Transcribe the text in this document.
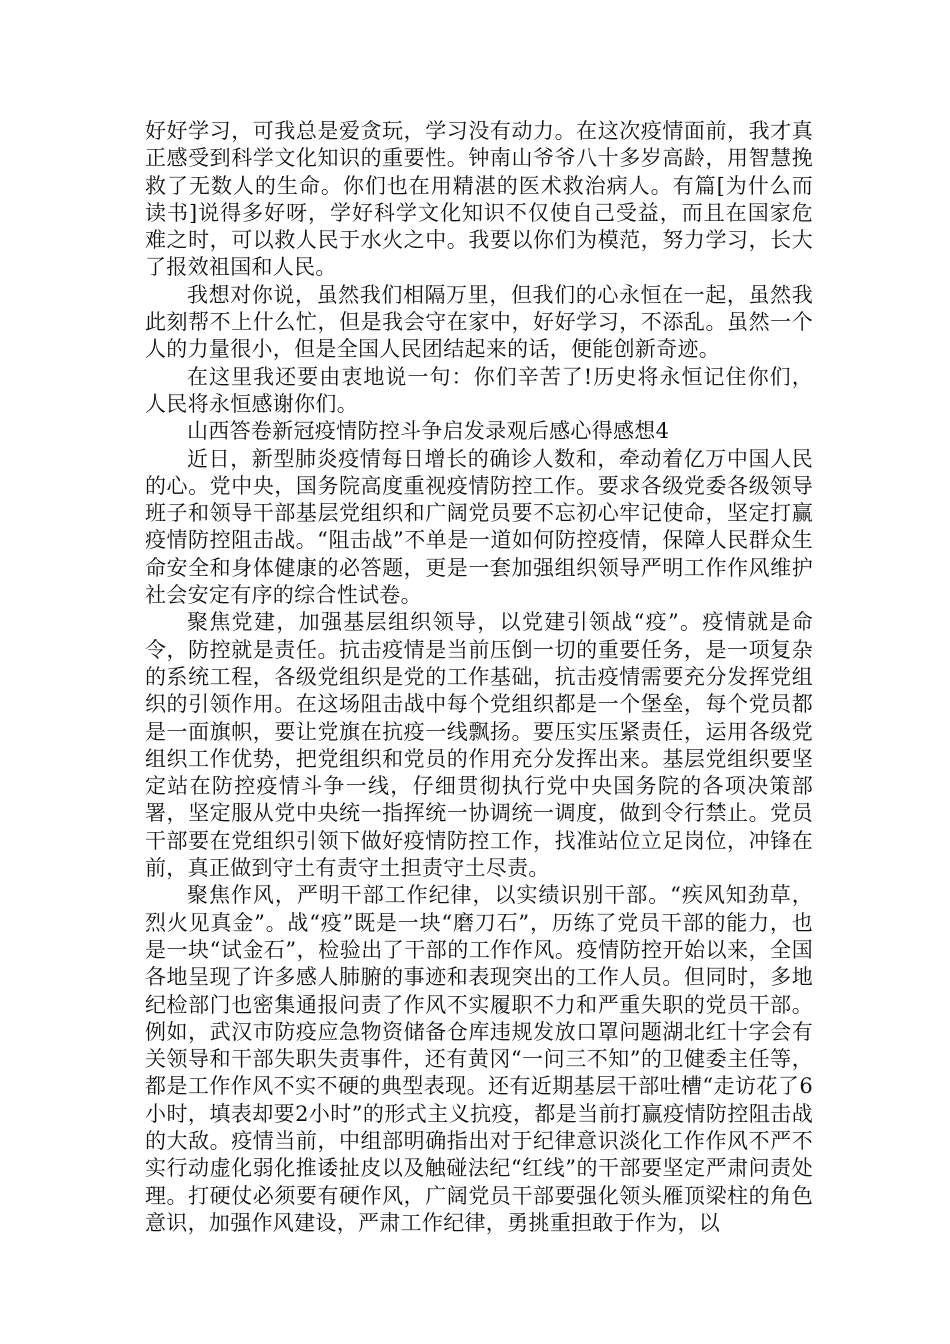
好好学习，可我总是爱贪玩，学习没有动力。在这次疫情面前，我才真正感受到科学文化知识的重要性。钟南山爷爷八十多岁高龄，用智慧挽救了无数人的生命。你们也在用精湛的医术救治病人。有篇[为什么而读书]说得多好呀，学好科学文化知识不仅使自己受益，而且在国家危难之时，可以救人民于水火之中。我要以你们为模范，努力学习，长大了报效祖国和人民。

我想对你说，虽然我们相隔万里，但我们的心永恒在一起，虽然我此刻帮不上什么忙，但是我会守在家中，好好学习，不添乱。虽然一个人的力量很小，但是全国人民团结起来的话，便能创新奇迹。

在这里我还要由衷地说一句：你们辛苦了!历史将永恒记住你们，人民将永恒感谢你们。

山西答卷新冠疫情防控斗争启发录观后感心得感想4

近日，新型肺炎疫情每日增长的确诊人数和，牵动着亿万中国人民的心。党中央，国务院高度重视疫情防控工作。要求各级党委各级领导班子和领导干部基层党组织和广阔党员要不忘初心牢记使命，坚定打赢疫情防控阻击战。“阻击战”不单是一道如何防控疫情，保障人民群众生命安全和身体健康的必答题，更是一套加强组织领导严明工作作风维护社会安定有序的综合性试卷。

聚焦党建，加强基层组织领导，以党建引领战“疫”。疫情就是命令，防控就是责任。抗击疫情是当前压倒一切的重要任务，是一项复杂的系统工程，各级党组织是党的工作基础，抗击疫情需要充分发挥党组织的引领作用。在这场阻击战中每个党组织都是一个堡垒，每个党员都是一面旗帜，要让党旗在抗疫一线飘扬。要压实压紧责任，运用各级党组织工作优势，把党组织和党员的作用充分发挥出来。基层党组织要坚定站在防控疫情斗争一线，仔细贯彻执行党中央国务院的各项决策部署，坚定服从党中央统一指挥统一协调统一调度，做到令行禁止。党员干部要在党组织引领下做好疫情防控工作，找准站位立足岗位，冲锋在前，真正做到守土有责守土担责守土尽责。

聚焦作风，严明干部工作纪律，以实绩识别干部。“疾风知劲草，烈火见真金”。战“疫”既是一块“磨刀石”，历练了党员干部的能力，也是一块“试金石”，检验出了干部的工作作风。疫情防控开始以来，全国各地呈现了许多感人肺腑的事迹和表现突出的工作人员。但同时，多地纪检部门也密集通报问责了作风不实履职不力和严重失职的党员干部。例如，武汉市防疫应急物资储备仓库违规发放口罩问题湖北红十字会有关领导和干部失职失责事件，还有黄冈“一问三不知”的卫健委主任等，都是工作作风不实不硬的典型表现。还有近期基层干部吐槽“走访花了6小时，填表却要2小时”的形式主义抗疫，都是当前打赢疫情防控阻击战的大敌。疫情当前，中组部明确指出对于纪律意识淡化工作作风不严不实行动虚化弱化推诿扯皮以及触碰法纪“红线”的干部要坚定严肃问责处理。打硬仗必须要有硬作风，广阔党员干部要强化领头雁顶梁柱的角色意识，加强作风建设，严肃工作纪律，勇挑重担敢于作为，以
